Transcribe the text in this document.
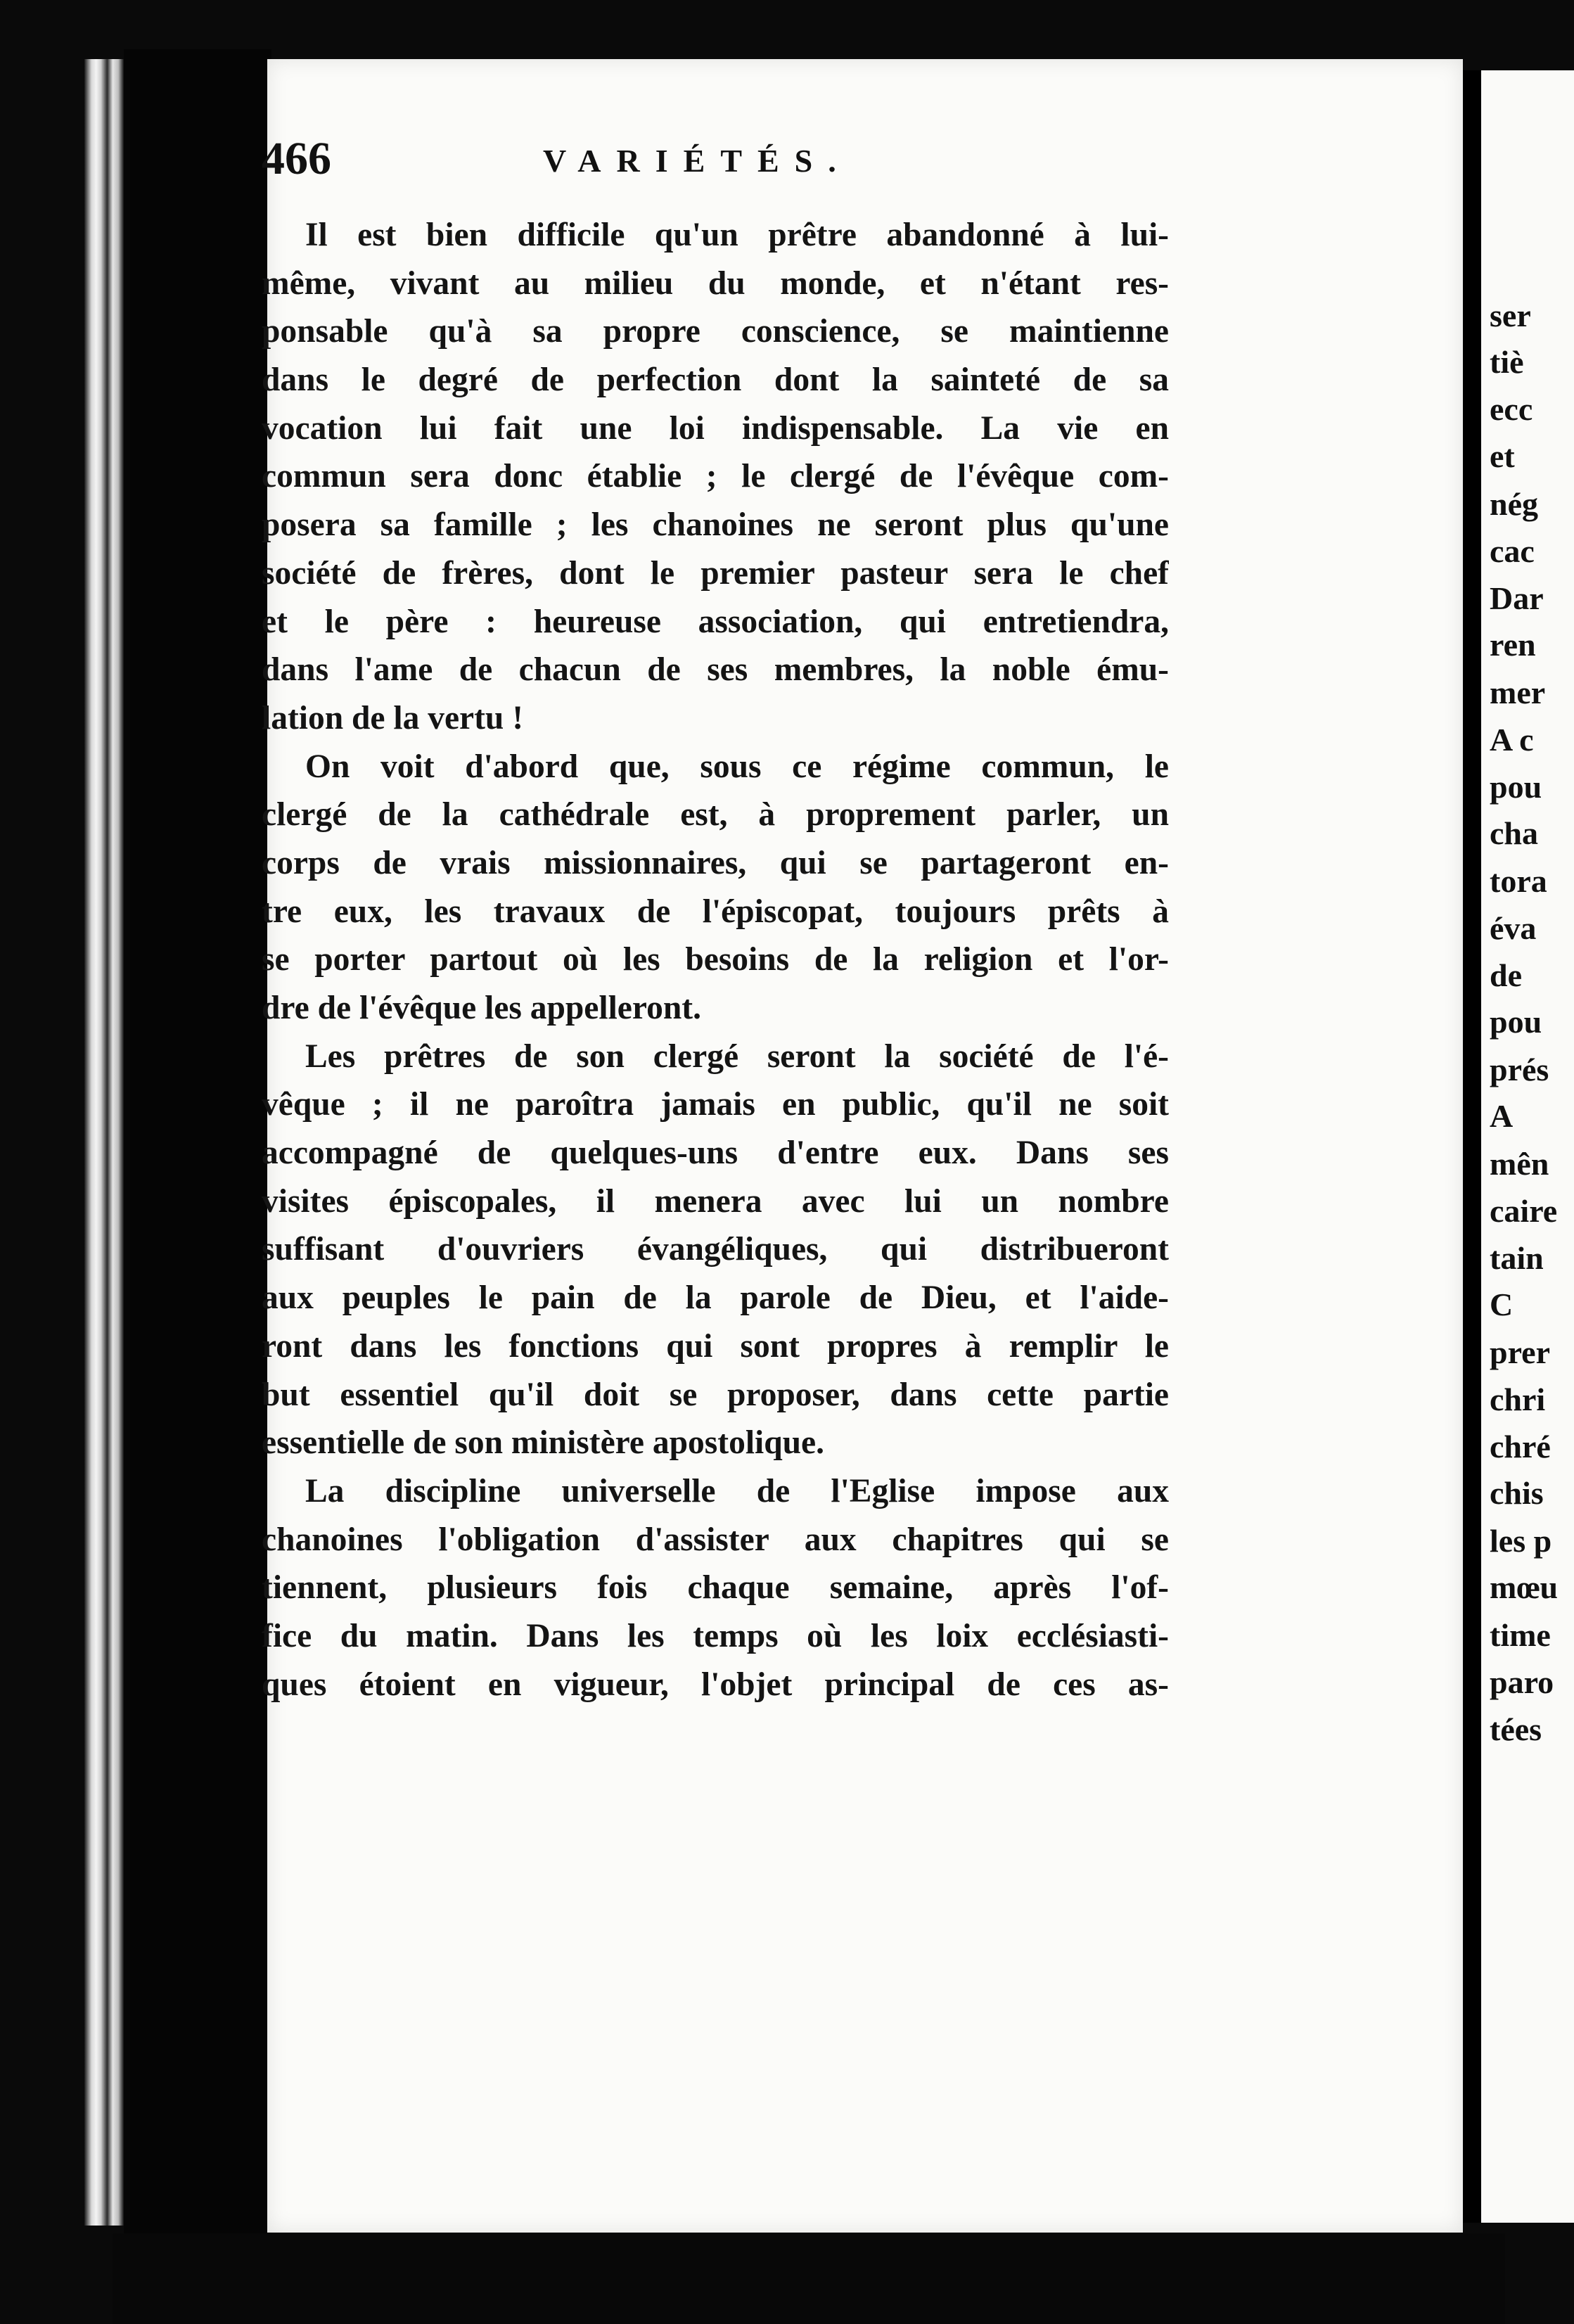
466	VARIÉTÉS.
Il est bien difficile qu'un prêtre abandonné à lui-
même, vivant au milieu du monde, et n'étant res-
ponsable qu'à sa propre conscience, se maintienne
dans le degré de perfection dont la sainteté de sa
vocation lui fait une loi indispensable. La vie en
commun sera donc établie ; le clergé de l'évêque com-
posera sa famille ; les chanoines ne seront plus qu'une
société de frères, dont le premier pasteur sera le chef
et le père : heureuse association, qui entretiendra,
dans l'ame de chacun de ses membres, la noble ému-
lation de la vertu !
On voit d'abord que, sous ce régime commun, le
clergé de la cathédrale est, à proprement parler, un
corps de vrais missionnaires, qui se partageront en-
tre eux, les travaux de l'épiscopat, toujours prêts à
se porter partout où les besoins de la religion et l'or-
dre de l'évêque les appelleront.
Les prêtres de son clergé seront la société de l'é-
vêque ; il ne paroîtra jamais en public, qu'il ne soit
accompagné de quelques-uns d'entre eux. Dans ses
visites épiscopales, il menera avec lui un nombre
suffisant d'ouvriers évangéliques, qui distribueront
aux peuples le pain de la parole de Dieu, et l'aide-
ront dans les fonctions qui sont propres à remplir le
but essentiel qu'il doit se proposer, dans cette partie
essentielle de son ministère apostolique.
La discipline universelle de l'Eglise impose aux
chanoines l'obligation d'assister aux chapitres qui se
tiennent, plusieurs fois chaque semaine, après l'of-
fice du matin. Dans les temps où les loix ecclésiasti-
ques étoient en vigueur, l'objet principal de ces as-
ser
tiè
ecc
et
nég
cac
Dar
ren
mer
A c
pou
cha
tora
éva
de
pou
prés
A
mên
caire
tain
C
prer
chri
chré
chis
les p
mœu
time
paro
tées
